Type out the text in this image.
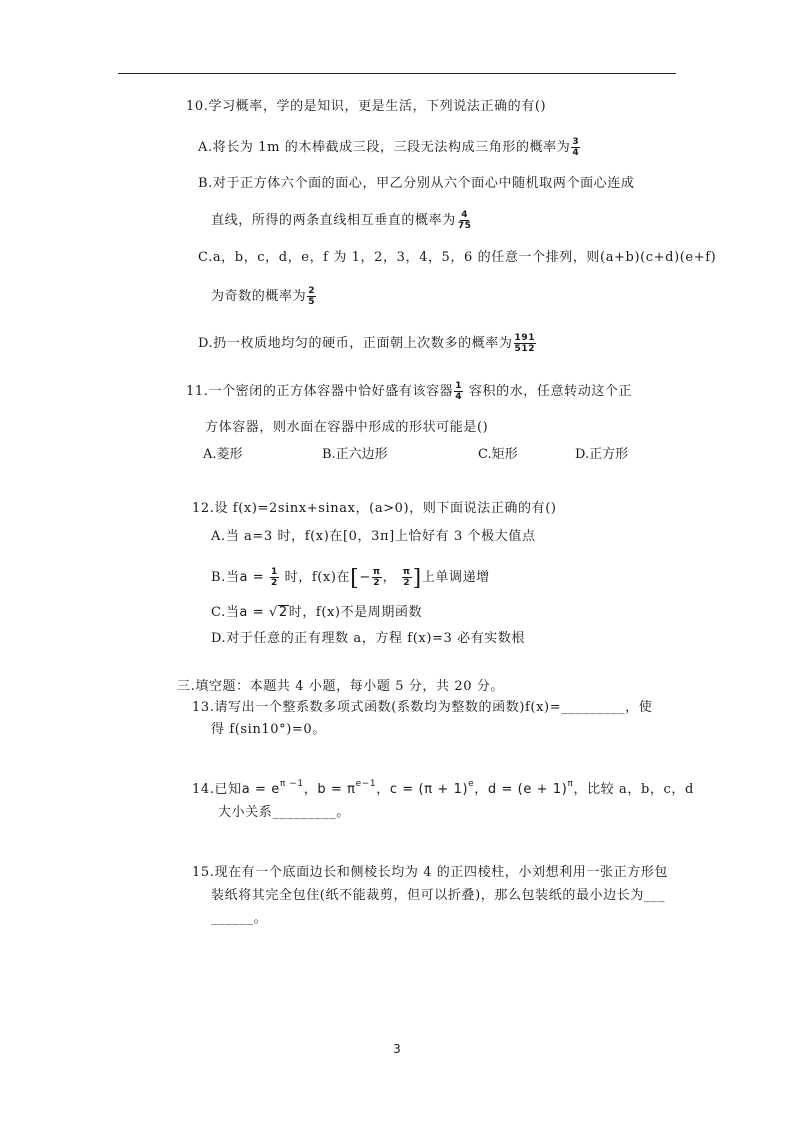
10.学习概率，学的是知识，更是生活，下列说法正确的有()
A.将长为 1m 的木棒截成三段，三段无法构成三角形的概率为 $\frac{3}{4}$
B.对于正方体六个面的面心，甲乙分别从六个面心中随机取两个面心连成
直线，所得的两条直线相互垂直的概率为 $\frac{4}{75}$
C.a，b，c，d，e，f 为 1，2，3，4，5，6 的任意一个排列，则(a+b)(c+d)(e+f)
为奇数的概率为 $\frac{2}{5}$
D.扔一枚质地均匀的硬币，正面朝上次数多的概率为 $\frac{191}{512}$
11.一个密闭的正方体容器中恰好盛有该容器 $\frac{1}{4}$ 容积的水，任意转动这个正
方体容器，则水面在容器中形成的形状可能是()
A.菱形	B.正六边形	C.矩形	D.正方形
12.设 f(x)=2sinx+sinax，(a>0)，则下面说法正确的有()
A.当 a=3 时，f(x)在[0，3π]上恰好有 3 个极大值点
B.当$a = \frac{1}{2}$ 时，f(x)在[− $\frac{\pi}{2}$ ， $\frac{\pi}{2}$ ]上单调递增
C.当a = √2时，f(x)不是周期函数
D.对于任意的正有理数 a，方程 f(x)=3 必有实数根
三.填空题：本题共 4 小题，每小题 5 分，共 20 分。
13.请写出一个整系数多项式函数(系数均为整数的函数)f(x)=_________，使
得 f(sin10°)=0。
14.已知$a = e^{\pi -1}$，$b = \pi^{e-1}$，$c = (\pi + 1)^e$，$d = (e + 1)^\pi$，比较 a，b，c，d
大小关系_________。
15.现在有一个底面边长和侧棱长均为 4 的正四棱柱，小刘想利用一张正方形包
装纸将其完全包住(纸不能裁剪，但可以折叠)，那么包装纸的最小边长为___
______。
3
